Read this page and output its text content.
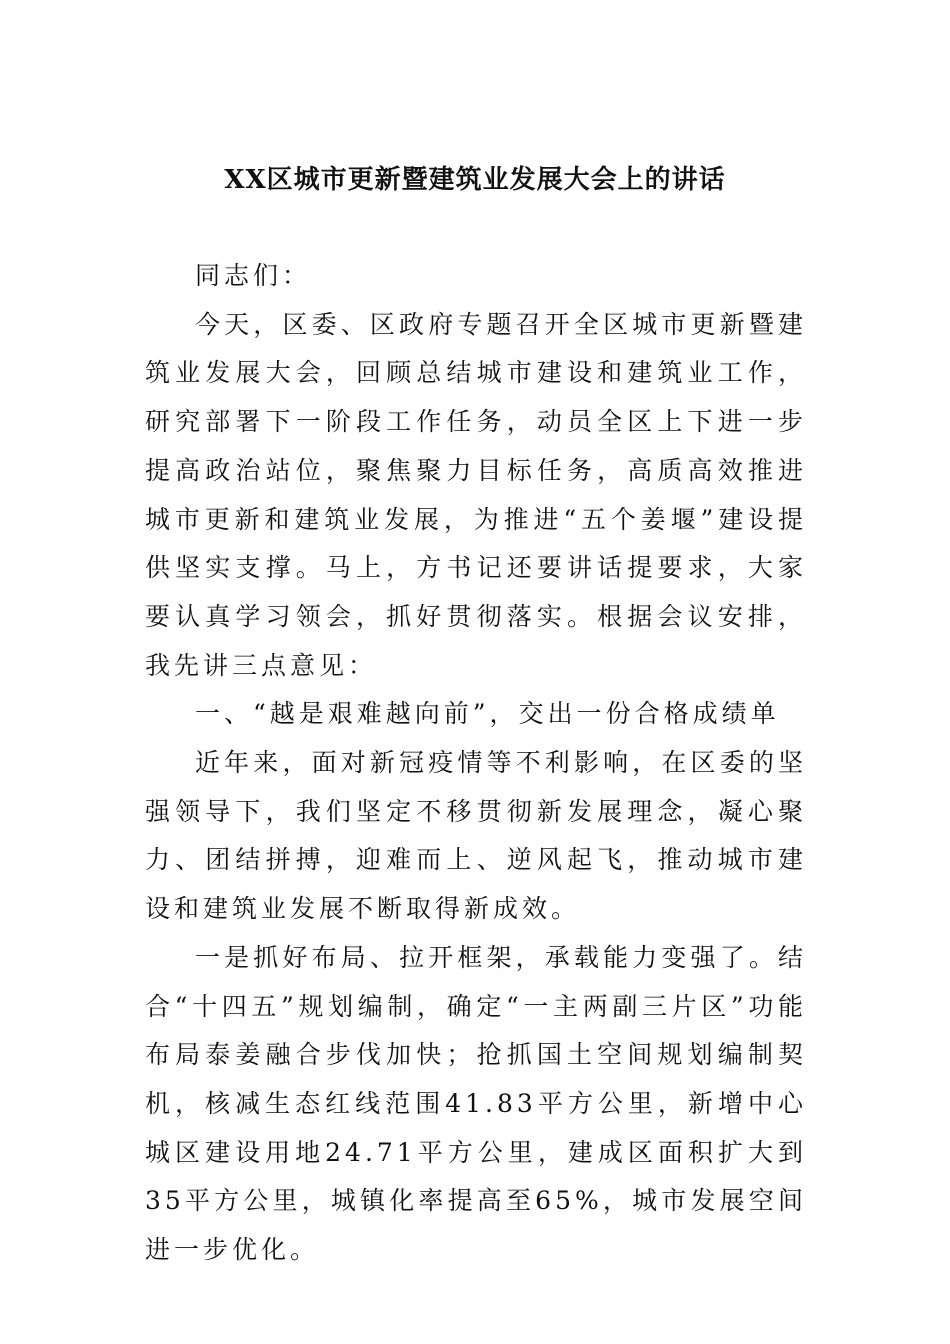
XX区城市更新暨建筑业发展大会上的讲话

同志们：

今天，区委、区政府专题召开全区城市更新暨建筑业发展大会，回顾总结城市建设和建筑业工作，研究部署下一阶段工作任务，动员全区上下进一步提高政治站位，聚焦聚力目标任务，高质高效推进城市更新和建筑业发展，为推进“五个姜堰”建设提供坚实支撑。马上，方书记还要讲话提要求，大家要认真学习领会，抓好贯彻落实。根据会议安排，我先讲三点意见：

一、“越是艰难越向前”，交出一份合格成绩单

近年来，面对新冠疫情等不利影响，在区委的坚强领导下，我们坚定不移贯彻新发展理念，凝心聚力、团结拼搏，迎难而上、逆风起飞，推动城市建设和建筑业发展不断取得新成效。

一是抓好布局、拉开框架，承载能力变强了。结合“十四五”规划编制，确定“一主两副三片区”功能布局泰姜融合步伐加快；抢抓国土空间规划编制契机，核减生态红线范围41.83平方公里，新增中心城区建设用地24.71平方公里，建成区面积扩大到35平方公里，城镇化率提高至65%，城市发展空间进一步优化。
